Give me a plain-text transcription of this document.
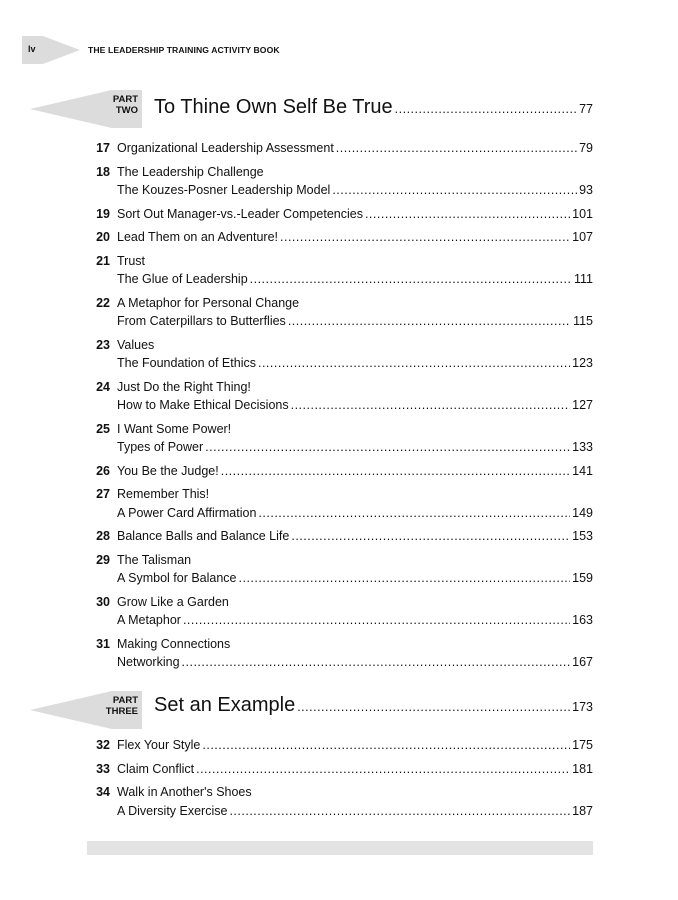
lv	THE LEADERSHIP TRAINING ACTIVITY BOOK
PART
TWO To Thine Own Self Be True .....	77
17 Organizational Leadership Assessment .....	79
18 The Leadership Challenge
The Kouzes-Posner Leadership Model .....	93
19 Sort Out Manager-vs.-Leader Competencies .....	101
20 Lead Them on an Adventure! .....	107
21 Trust
The Glue of Leadership .....	111
22 A Metaphor for Personal Change
From Caterpillars to Butterflies .....	115
23 Values
The Foundation of Ethics .....	123
24 Just Do the Right Thing!
How to Make Ethical Decisions .....	127
25 I Want Some Power!
Types of Power .....	133
26 You Be the Judge! .....	141
27 Remember This!
A Power Card Affirmation .....	149
28 Balance Balls and Balance Life .....	153
29 The Talisman
A Symbol for Balance .....	159
30 Grow Like a Garden
A Metaphor .....	163
31 Making Connections
Networking .....	167
PART
THREE Set an Example .....	173
32 Flex Your Style .....	175
33 Claim Conflict .....	181
34 Walk in Another's Shoes
A Diversity Exercise .....	187
